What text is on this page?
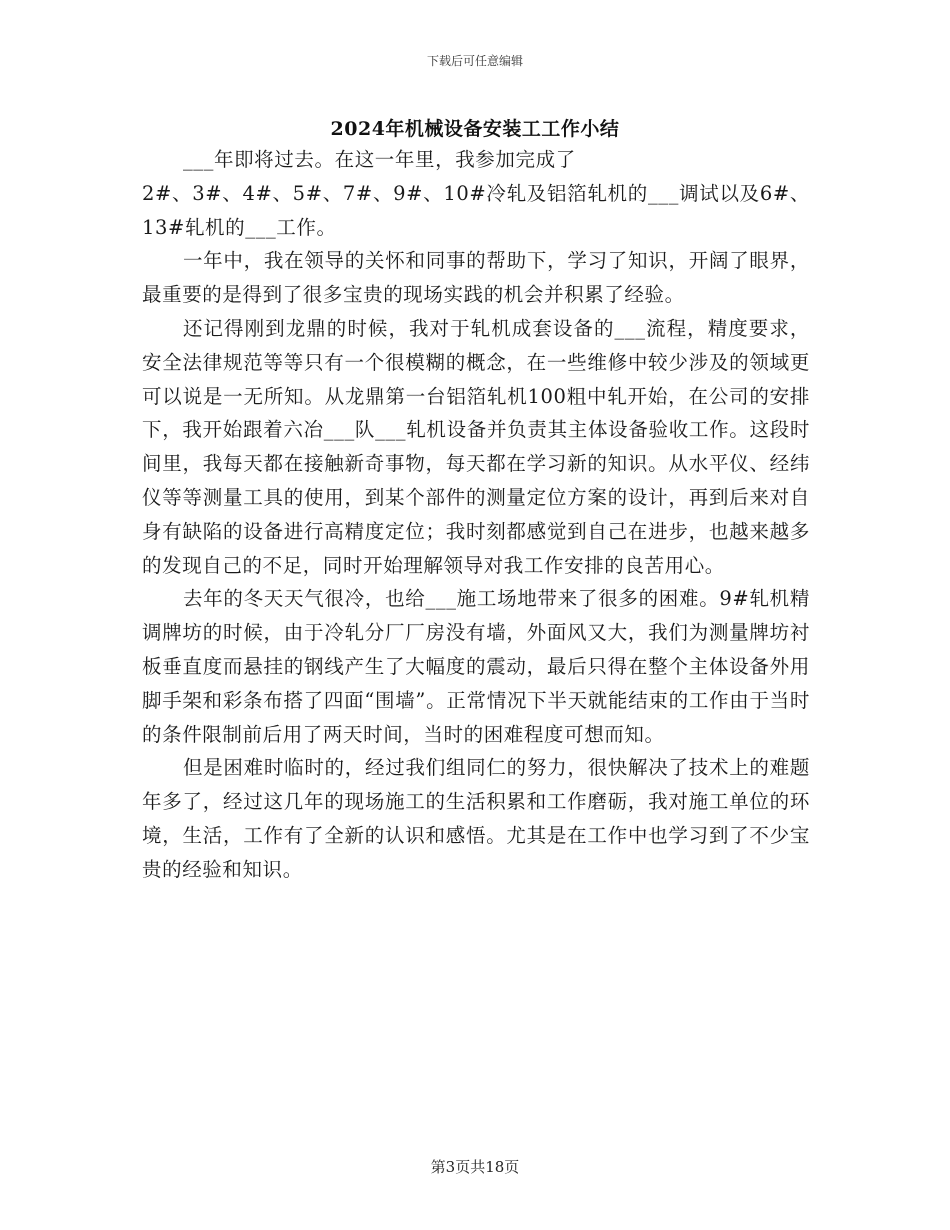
下载后可任意编辑
2024年机械设备安装工工作小结

___年即将过去。在这一年里，我参加完成了

2#、3#、4#、5#、7#、9#、10#冷轧及铝箔轧机的___调试以及6#、13#轧机的___工作。

一年中，我在领导的关怀和同事的帮助下，学习了知识，开阔了眼界，最重要的是得到了很多宝贵的现场实践的机会并积累了经验。

还记得刚到龙鼎的时候，我对于轧机成套设备的___流程，精度要求，安全法律规范等等只有一个很模糊的概念，在一些维修中较少涉及的领域更可以说是一无所知。从龙鼎第一台铝箔轧机100粗中轧开始，在公司的安排下，我开始跟着六冶___队___轧机设备并负责其主体设备验收工作。这段时间里，我每天都在接触新奇事物，每天都在学习新的知识。从水平仪、经纬仪等等测量工具的使用，到某个部件的测量定位方案的设计，再到后来对自身有缺陷的设备进行高精度定位；我时刻都感觉到自己在进步，也越来越多的发现自己的不足，同时开始理解领导对我工作安排的良苦用心。

去年的冬天天气很冷，也给___施工场地带来了很多的困难。9#轧机精调牌坊的时候，由于冷轧分厂厂房没有墙，外面风又大，我们为测量牌坊衬板垂直度而悬挂的钢线产生了大幅度的震动，最后只得在整个主体设备外用脚手架和彩条布搭了四面“围墙”。正常情况下半天就能结束的工作由于当时的条件限制前后用了两天时间，当时的困难程度可想而知。

但是困难时临时的，经过我们组同仁的努力，很快解决了技术上的难题年多了，经过这几年的现场施工的生活积累和工作磨砺，我对施工单位的环境，生活，工作有了全新的认识和感悟。尤其是在工作中也学习到了不少宝贵的经验和知识。

第3页共18页
